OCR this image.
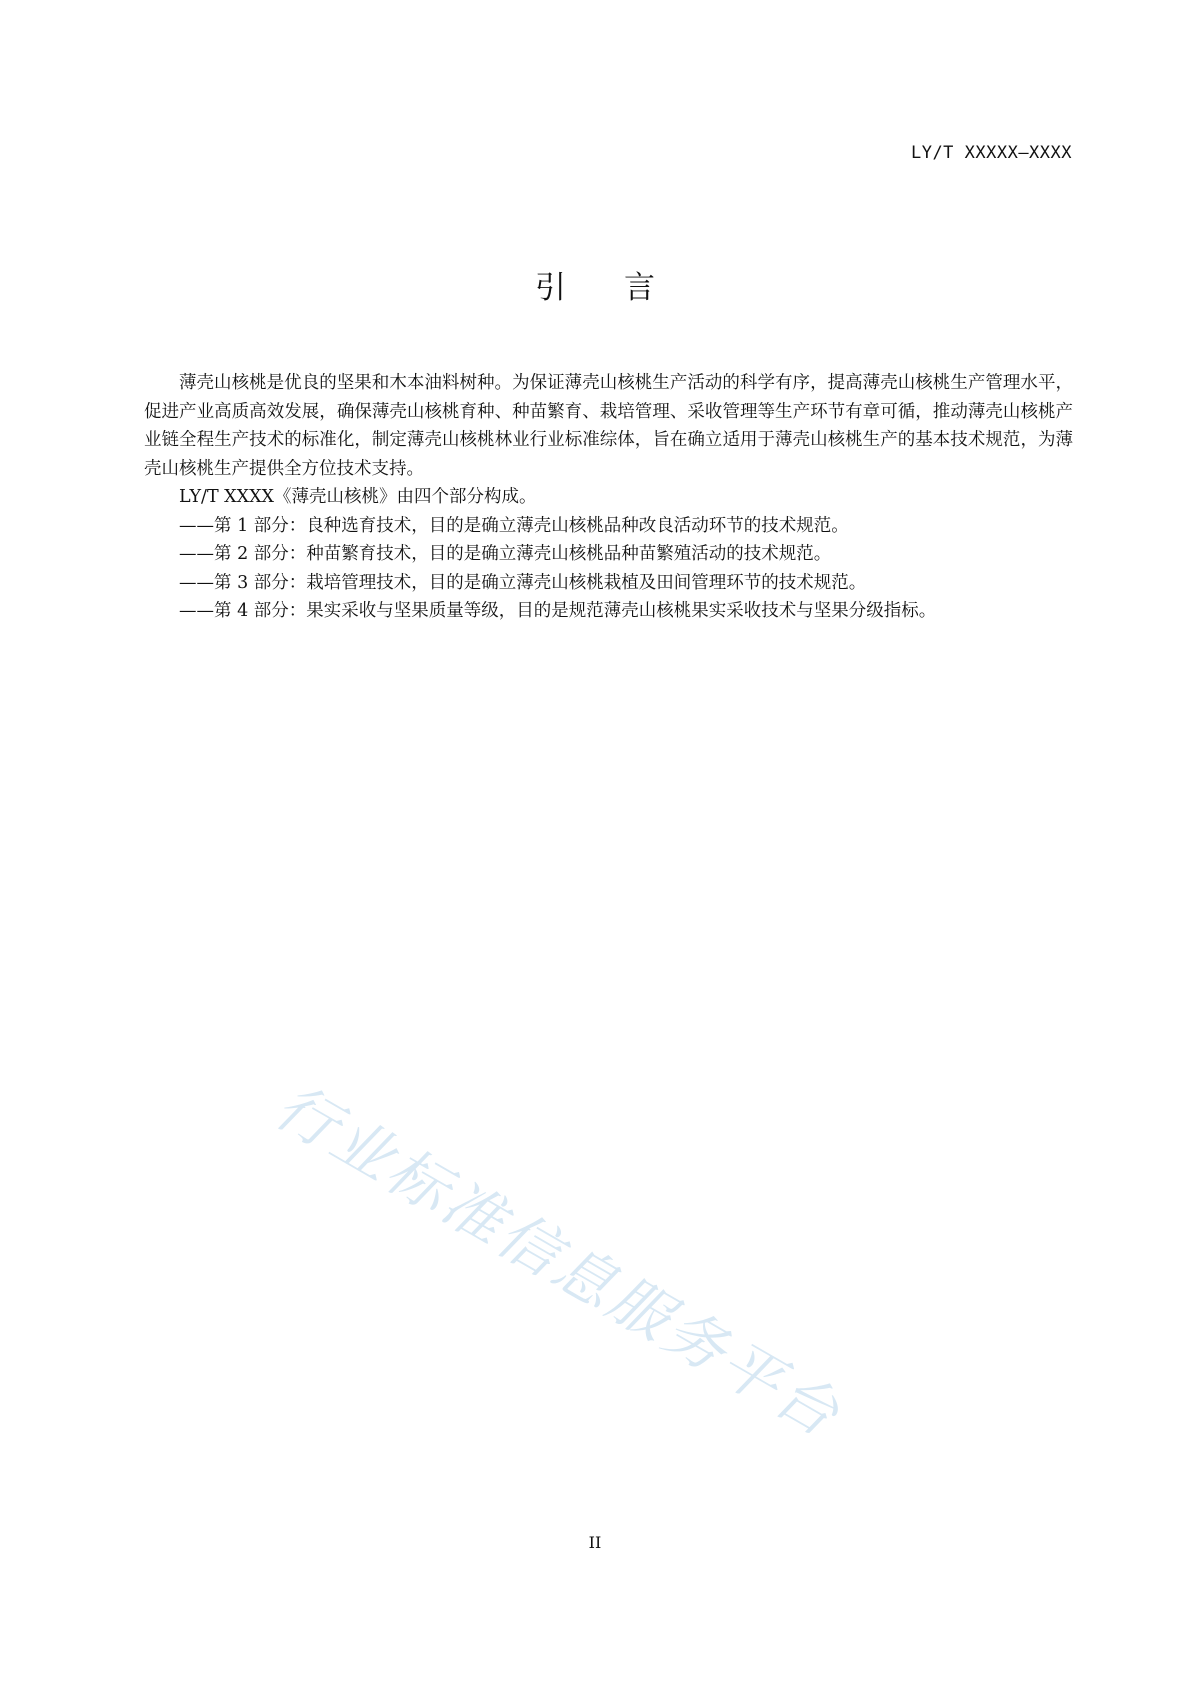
LY/T XXXXX—XXXX
引言

薄壳山核桃是优良的坚果和木本油料树种。为保证薄壳山核桃生产活动的科学有序，提高薄壳山核桃生产管理水平，促进产业高质高效发展，确保薄壳山核桃育种、种苗繁育、栽培管理、采收管理等生产环节有章可循，推动薄壳山核桃产业链全程生产技术的标准化，制定薄壳山核桃林业行业标准综体，旨在确立适用于薄壳山核桃生产的基本技术规范，为薄壳山核桃生产提供全方位技术支持。

LY/T XXXX《薄壳山核桃》由四个部分构成。

——第 1 部分：良种选育技术，目的是确立薄壳山核桃品种改良活动环节的技术规范。

——第 2 部分：种苗繁育技术，目的是确立薄壳山核桃品种苗繁殖活动的技术规范。

——第 3 部分：栽培管理技术，目的是确立薄壳山核桃栽植及田间管理环节的技术规范。

——第 4 部分：果实采收与坚果质量等级，目的是规范薄壳山核桃果实采收技术与坚果分级指标。

行业标准信息服务平台
II
